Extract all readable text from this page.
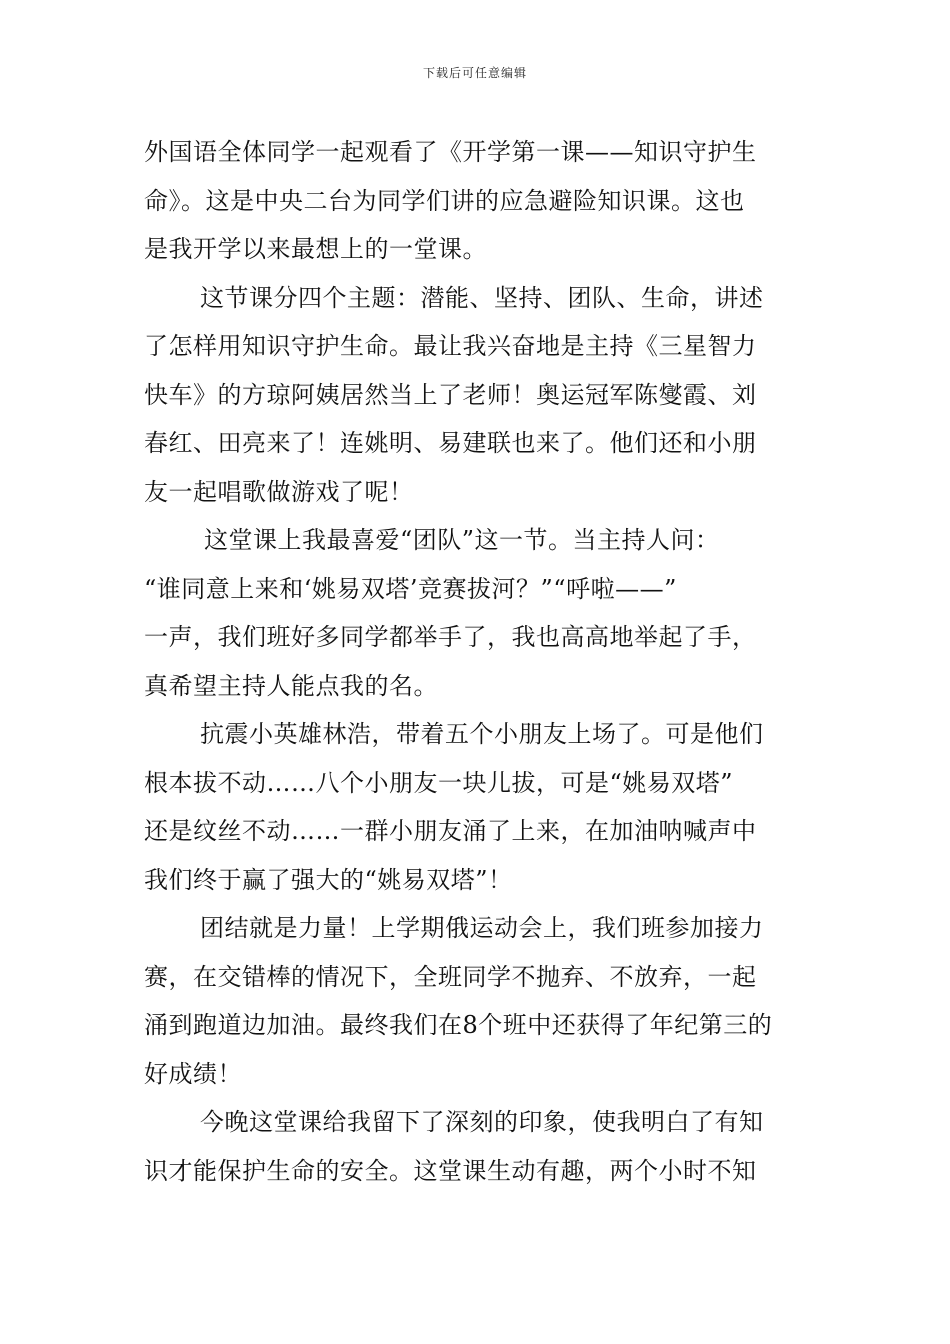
下载后可任意编辑
外国语全体同学一起观看了《开学第一课——知识守护生
命》。这是中央二台为同学们讲的应急避险知识课。这也
是我开学以来最想上的一堂课。
这节课分四个主题：潜能、坚持、团队、生命，讲述
了怎样用知识守护生命。最让我兴奋地是主持《三星智力
快车》的方琼阿姨居然当上了老师！奥运冠军陈燮霞、刘
春红、田亮来了！连姚明、易建联也来了。他们还和小朋
友一起唱歌做游戏了呢！
这堂课上我最喜爱“团队”这一节。当主持人问：
“谁同意上来和‘姚易双塔’竞赛拔河？”“呼啦——”
一声，我们班好多同学都举手了，我也高高地举起了手，
真希望主持人能点我的名。
抗震小英雄林浩，带着五个小朋友上场了。可是他们
根本拔不动……八个小朋友一块儿拔，可是“姚易双塔”
还是纹丝不动……一群小朋友涌了上来，在加油呐喊声中
我们终于赢了强大的“姚易双塔”！
团结就是力量！上学期俄运动会上，我们班参加接力
赛，在交错棒的情况下，全班同学不抛弃、不放弃，一起
涌到跑道边加油。最终我们在8个班中还获得了年纪第三的
好成绩！
今晚这堂课给我留下了深刻的印象，使我明白了有知
识才能保护生命的安全。这堂课生动有趣，两个小时不知
